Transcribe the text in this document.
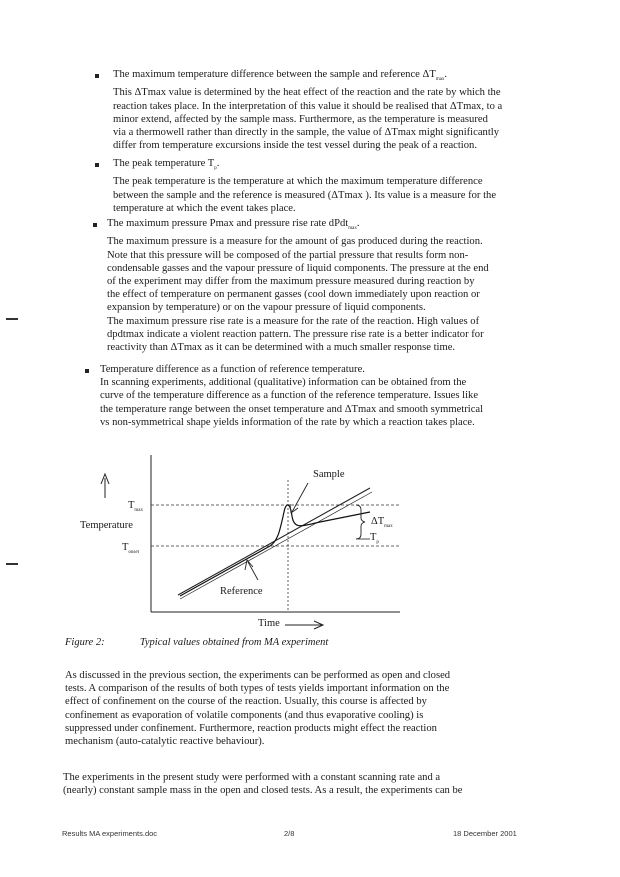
The maximum temperature difference between the sample and reference $\Delta T_{max}$.
This ΔTmax value is determined by the heat effect of the reaction and the rate by which the
reaction takes place. In the interpretation of this value it should be realised that ΔTmax, to a
minor extend, affected by the sample mass. Furthermore, as the temperature is measured
via a thermowell rather than directly in the sample, the value of ΔTmax might significantly
differ from temperature excursions inside the test vessel during the peak of a reaction.
The peak temperature $T_p$.
The peak temperature is the temperature at which the maximum temperature difference
between the sample and the reference is measured (ΔTmax ). Its value is a measure for the
temperature at which the event takes place.
The maximum pressure Pmax and pressure rise rate dPdt$_{max}$.
The maximum pressure is a measure for the amount of gas produced during the reaction.
Note that this pressure will be composed of the partial pressure that results form non-
condensable gasses and the vapour pressure of liquid components. The pressure at the end
of the experiment may differ from the maximum pressure measured during reaction by
the effect of temperature on permanent gasses (cool down immediately upon reaction or
expansion by temperature) or on the vapour pressure of liquid components.
The maximum pressure rise rate is a measure for the rate of the reaction. High values of
dpdtmax indicate a violent reaction pattern. The pressure rise rate is a better indicator for
reactivity than ΔTmax as it can be determined with a much smaller response time.
Temperature difference as a function of reference temperature.
In scanning experiments, additional (qualitative) information can be obtained from the
curve of the temperature difference as a function of the reference temperature. Issues like
the temperature range between the onset temperature and ΔTmax and smooth symmetrical
vs non-symmetrical shape yields information of the rate by which a reaction takes place.
Sample
Reference
Time
Temperature
$T_{max}$
$T_{onset}$
$\Delta T_{max}$
$T_p$
Figure 2:	Typical values obtained from MA experiment
As discussed in the previous section, the experiments can be performed as open and closed
tests. A comparison of the results of both types of tests yields important information on the
effect of confinement on the course of the reaction. Usually, this course is affected by
confinement as evaporation of volatile components (and thus evaporative cooling) is
suppressed under confinement. Furthermore, reaction products might effect the reaction
mechanism (auto-catalytic reactive behaviour).
The experiments in the present study were performed with a constant scanning rate and a
(nearly) constant sample mass in the open and closed tests. As a result, the experiments can be
Results MA experiments.doc	2/8	18 December 2001
